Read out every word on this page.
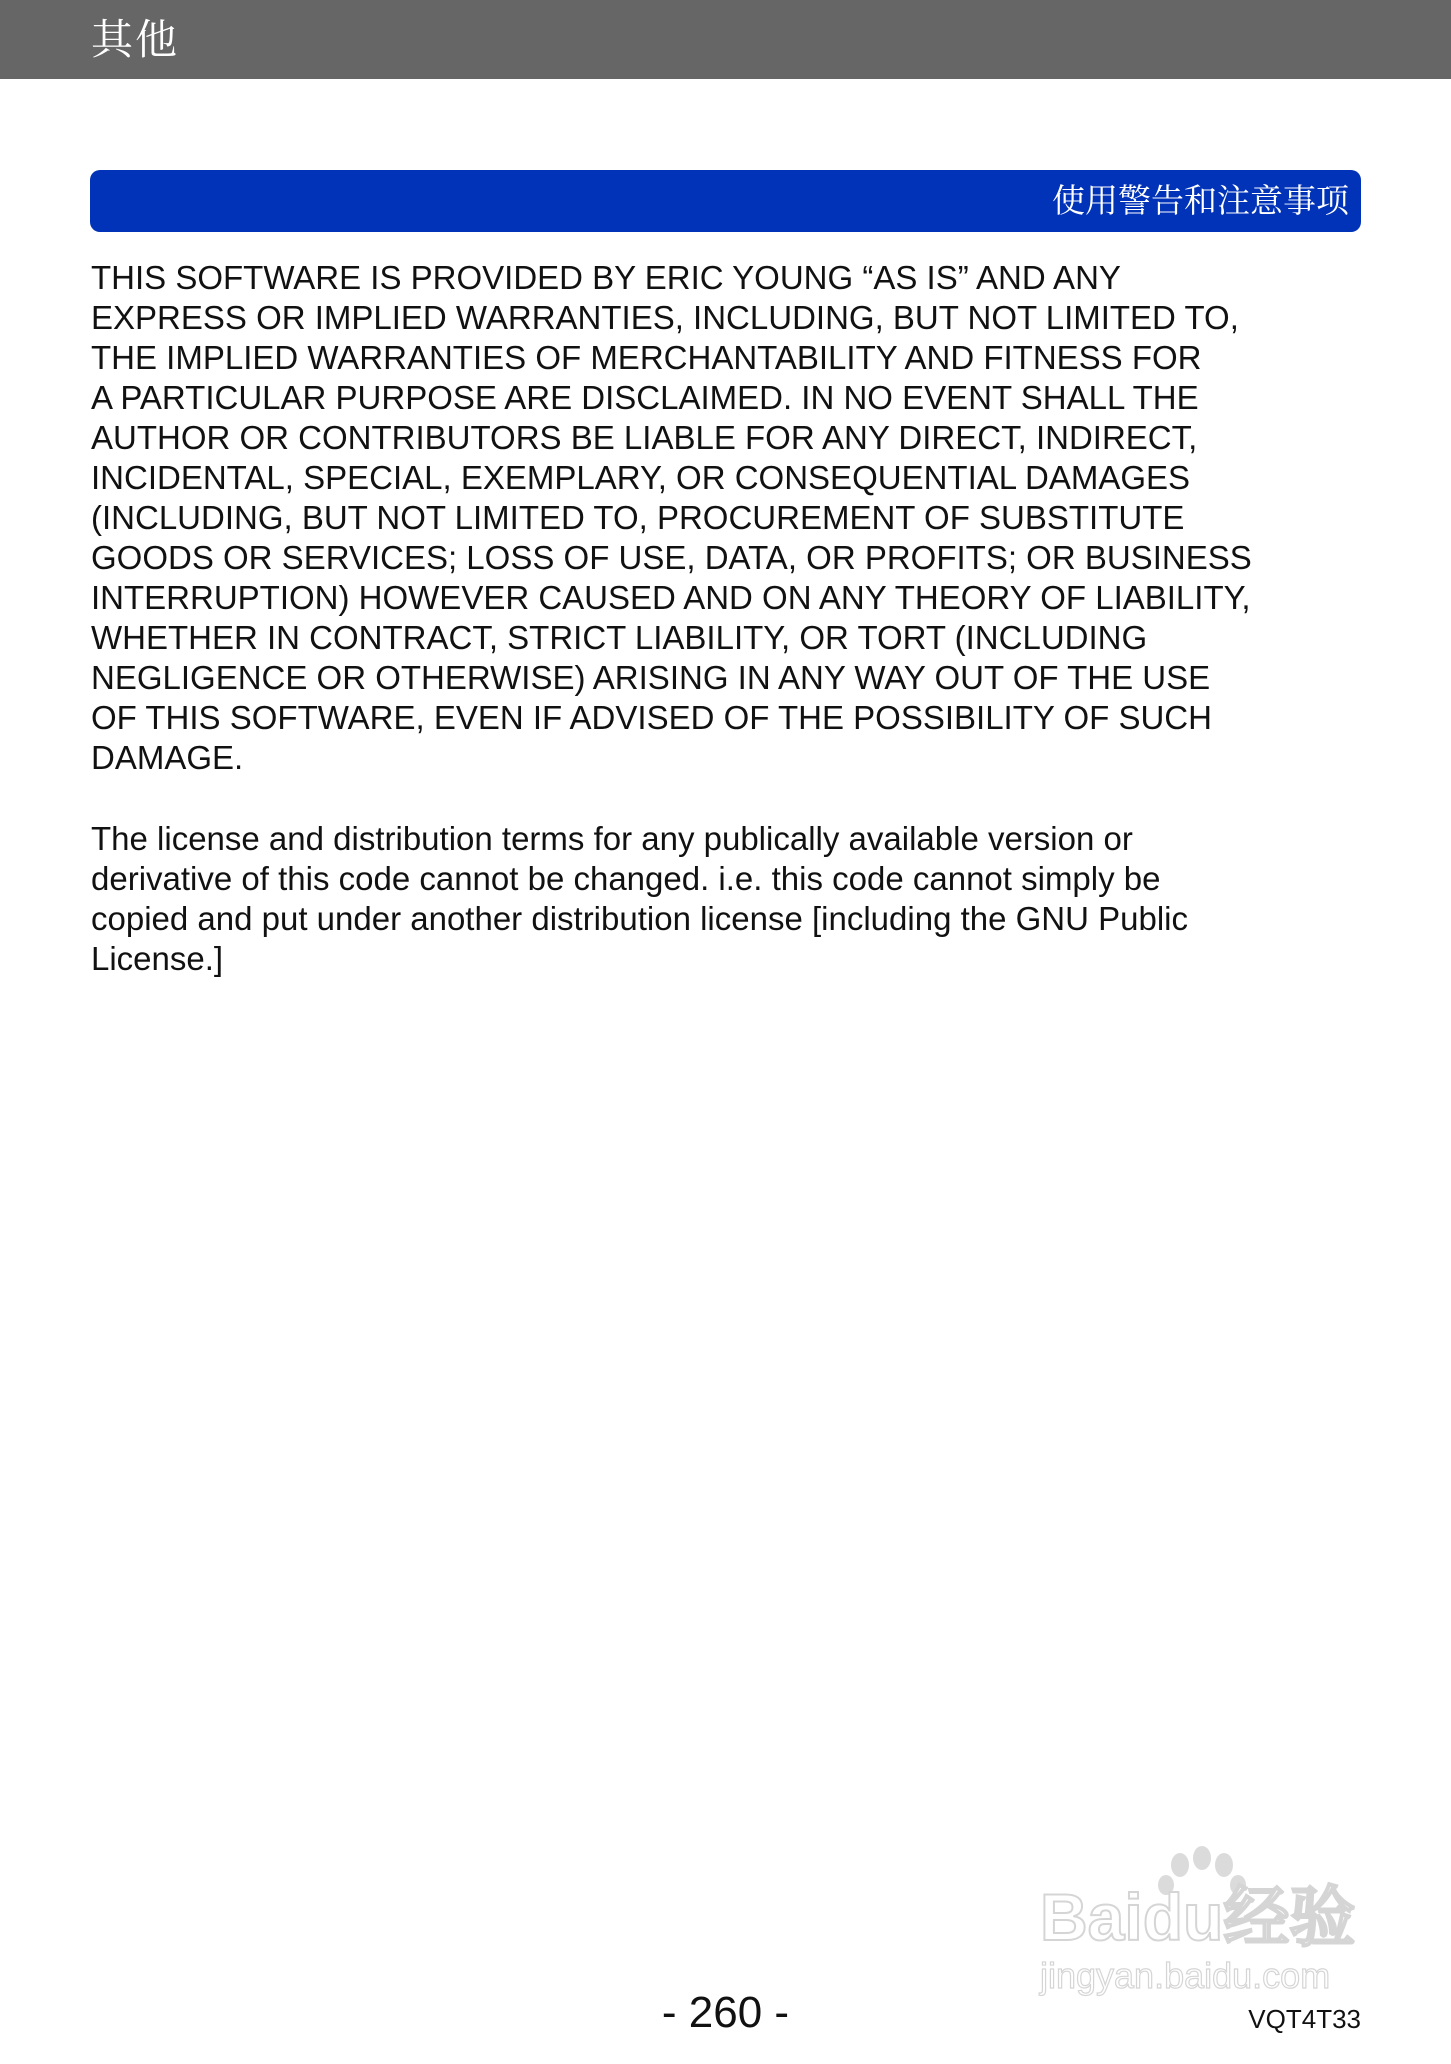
其他
使用警告和注意事项
THIS SOFTWARE IS PROVIDED BY ERIC YOUNG “AS IS” AND ANY
EXPRESS OR IMPLIED WARRANTIES, INCLUDING, BUT NOT LIMITED TO,
THE IMPLIED WARRANTIES OF MERCHANTABILITY AND FITNESS FOR
A PARTICULAR PURPOSE ARE DISCLAIMED. IN NO EVENT SHALL THE
AUTHOR OR CONTRIBUTORS BE LIABLE FOR ANY DIRECT, INDIRECT,
INCIDENTAL, SPECIAL, EXEMPLARY, OR CONSEQUENTIAL DAMAGES
(INCLUDING, BUT NOT LIMITED TO, PROCUREMENT OF SUBSTITUTE
GOODS OR SERVICES; LOSS OF USE, DATA, OR PROFITS; OR BUSINESS
INTERRUPTION) HOWEVER CAUSED AND ON ANY THEORY OF LIABILITY,
WHETHER IN CONTRACT, STRICT LIABILITY, OR TORT (INCLUDING
NEGLIGENCE OR OTHERWISE) ARISING IN ANY WAY OUT OF THE USE
OF THIS SOFTWARE, EVEN IF ADVISED OF THE POSSIBILITY OF SUCH
DAMAGE.
The license and distribution terms for any publically available version or
derivative of this code cannot be changed. i.e. this code cannot simply be
copied and put under another distribution license [including the GNU Public
License.]
Baidu经验
jingyan.baidu.com
- 260 -	VQT4T33
